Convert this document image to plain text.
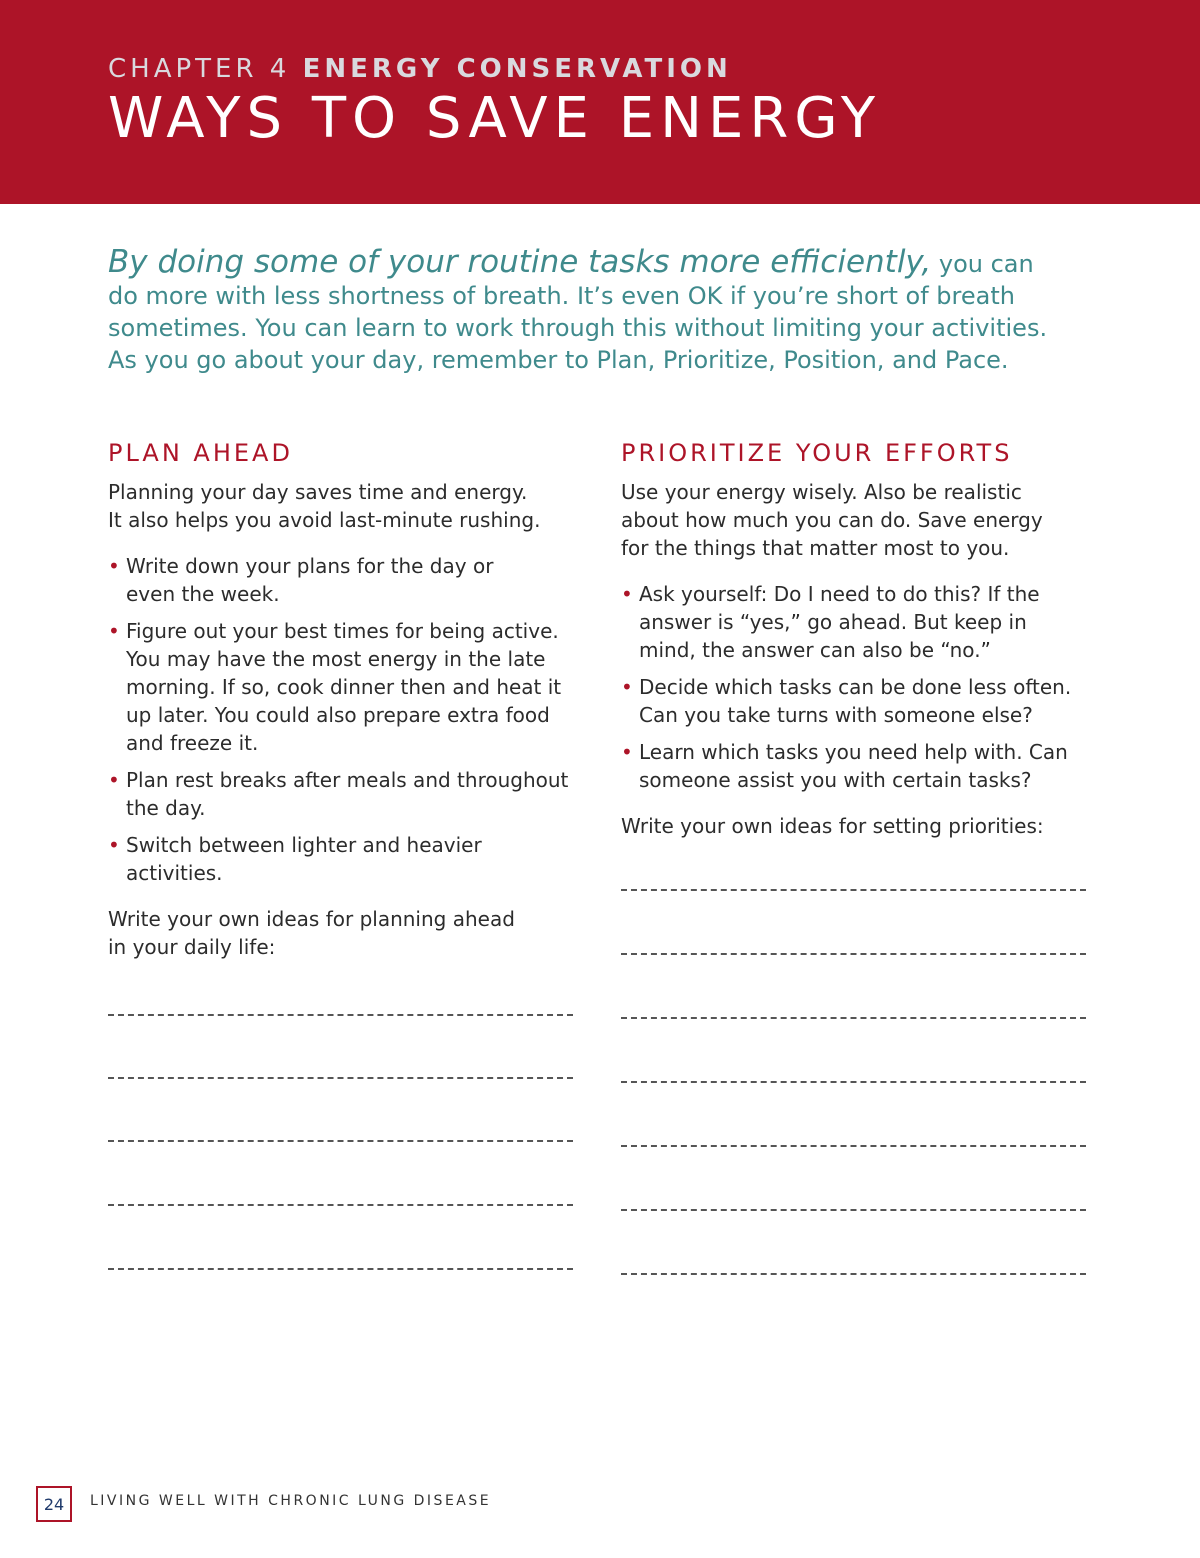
CHAPTER 4 ENERGY CONSERVATION
WAYS TO SAVE ENERGY
By doing some of your routine tasks more efficiently, you can
do more with less shortness of breath. It’s even OK if you’re short of breath
sometimes. You can learn to work through this without limiting your activities.
As you go about your day, remember to Plan, Prioritize, Position, and Pace.
PLAN AHEAD
Planning your day saves time and energy.
It also helps you avoid last-minute rushing.
• Write down your plans for the day or
even the week.
• Figure out your best times for being active.
You may have the most energy in the late
morning. If so, cook dinner then and heat it
up later. You could also prepare extra food
and freeze it.
• Plan rest breaks after meals and throughout
the day.
• Switch between lighter and heavier
activities.
Write your own ideas for planning ahead
in your daily life:
PRIORITIZE YOUR EFFORTS
Use your energy wisely. Also be realistic
about how much you can do. Save energy
for the things that matter most to you.
• Ask yourself: Do I need to do this? If the
answer is “yes,” go ahead. But keep in
mind, the answer can also be “no.”
• Decide which tasks can be done less often.
Can you take turns with someone else?
• Learn which tasks you need help with. Can
someone assist you with certain tasks?
Write your own ideas for setting priorities:
24	LIVING WELL WITH CHRONIC LUNG DISEASE
